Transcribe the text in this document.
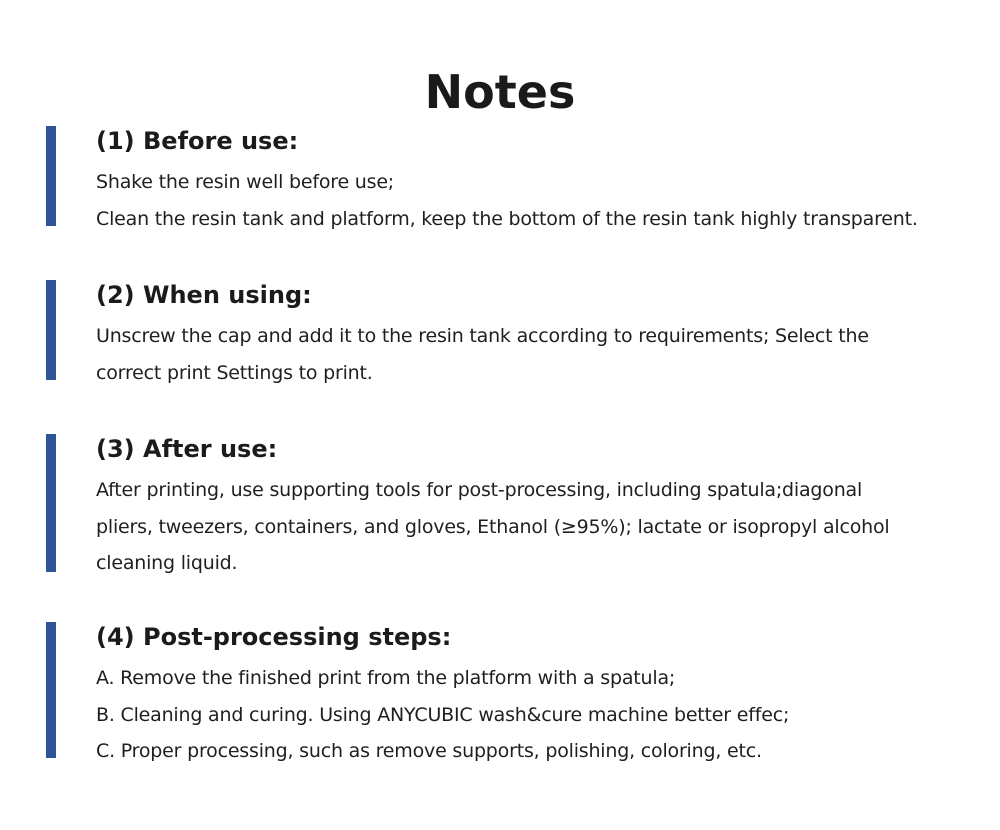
Notes
(1) Before use:
Shake the resin well before use;
Clean the resin tank and platform, keep the bottom of the resin tank highly transparent.
(2) When using:
Unscrew the cap and add it to the resin tank according to requirements; Select the
correct print Settings to print.
(3) After use:
After printing, use supporting tools for post-processing, including spatula;diagonal
pliers, tweezers, containers, and gloves, Ethanol (≥95%); lactate or isopropyl alcohol
cleaning liquid.
(4) Post-processing steps:
A. Remove the finished print from the platform with a spatula;
B. Cleaning and curing. Using ANYCUBIC wash&cure machine better effec;
C. Proper processing, such as remove supports, polishing, coloring, etc.
